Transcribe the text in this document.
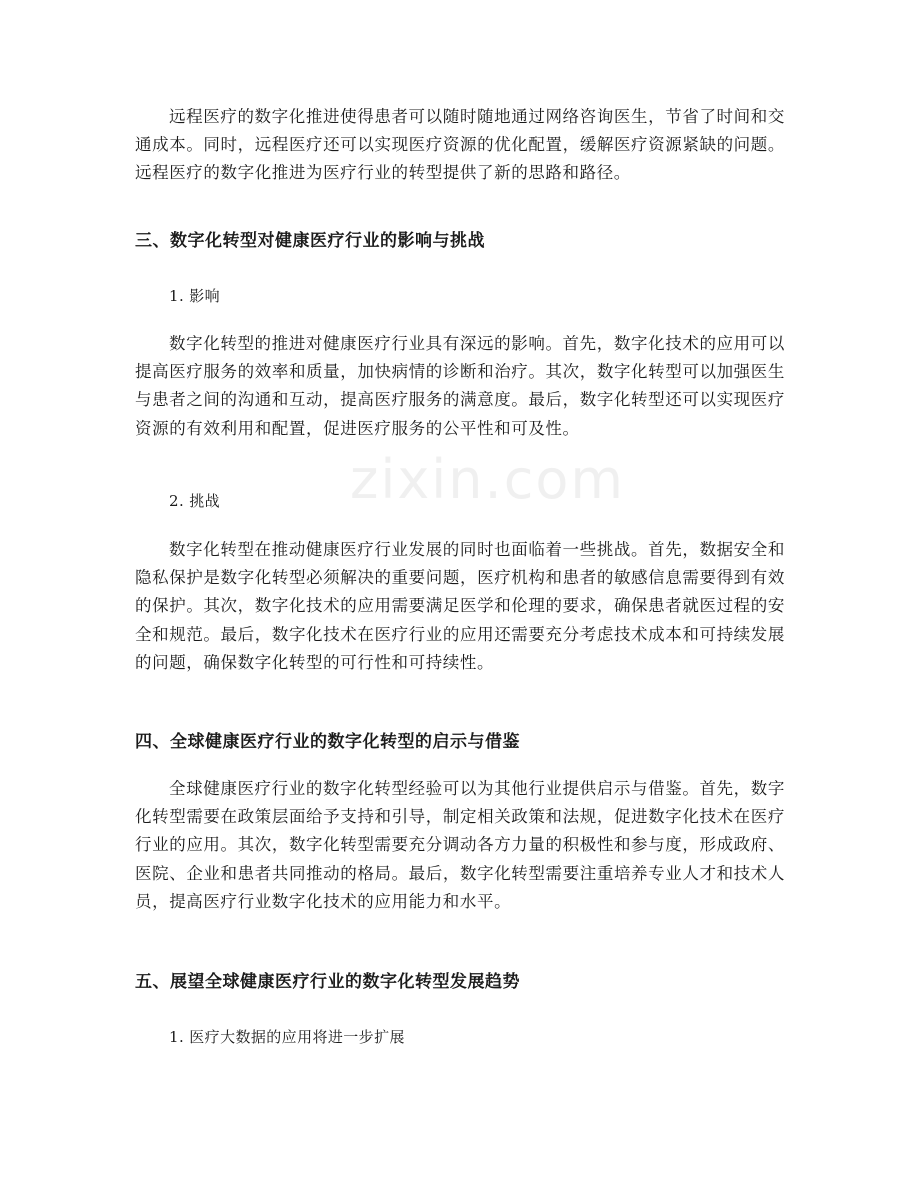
远程医疗的数字化推进使得患者可以随时随地通过网络咨询医生，节省了时间和交通成本。同时，远程医疗还可以实现医疗资源的优化配置，缓解医疗资源紧缺的问题。远程医疗的数字化推进为医疗行业的转型提供了新的思路和路径。

三、数字化转型对健康医疗行业的影响与挑战
1. 影响

数字化转型的推进对健康医疗行业具有深远的影响。首先，数字化技术的应用可以提高医疗服务的效率和质量，加快病情的诊断和治疗。其次，数字化转型可以加强医生与患者之间的沟通和互动，提高医疗服务的满意度。最后，数字化转型还可以实现医疗资源的有效利用和配置，促进医疗服务的公平性和可及性。

2. 挑战

数字化转型在推动健康医疗行业发展的同时也面临着一些挑战。首先，数据安全和隐私保护是数字化转型必须解决的重要问题，医疗机构和患者的敏感信息需要得到有效的保护。其次，数字化技术的应用需要满足医学和伦理的要求，确保患者就医过程的安全和规范。最后，数字化技术在医疗行业的应用还需要充分考虑技术成本和可持续发展的问题，确保数字化转型的可行性和可持续性。

四、全球健康医疗行业的数字化转型的启示与借鉴

全球健康医疗行业的数字化转型经验可以为其他行业提供启示与借鉴。首先，数字化转型需要在政策层面给予支持和引导，制定相关政策和法规，促进数字化技术在医疗行业的应用。其次，数字化转型需要充分调动各方力量的积极性和参与度，形成政府、医院、企业和患者共同推动的格局。最后，数字化转型需要注重培养专业人才和技术人员，提高医疗行业数字化技术的应用能力和水平。

五、展望全球健康医疗行业的数字化转型发展趋势
1. 医疗大数据的应用将进一步扩展
zixin.com
